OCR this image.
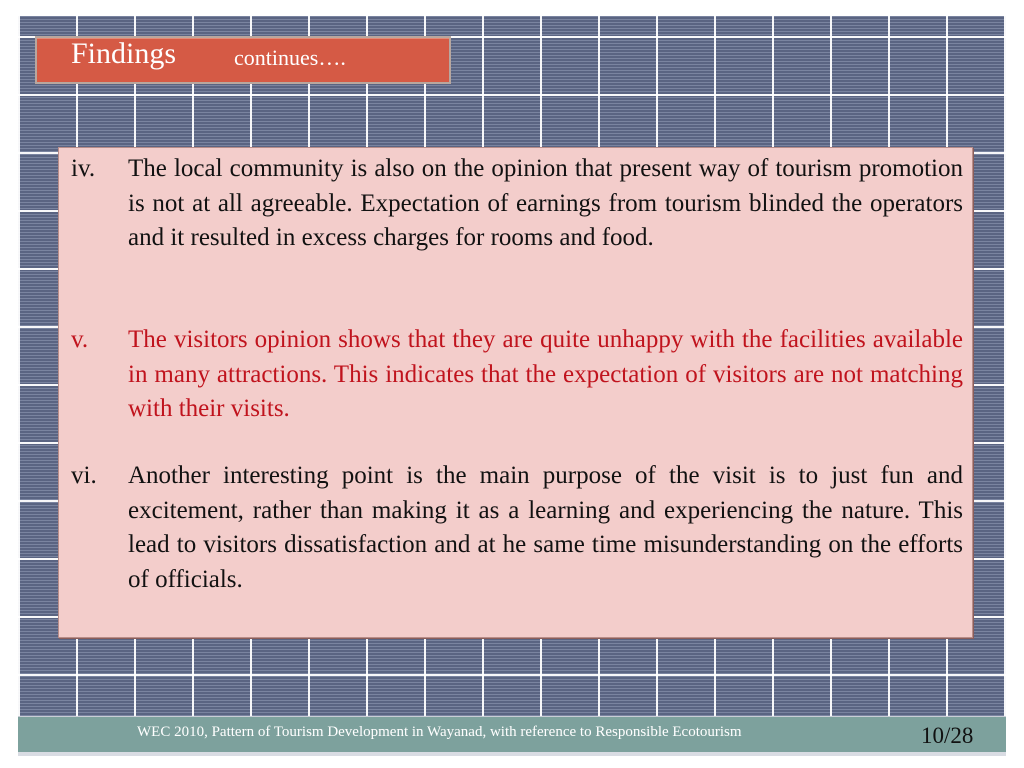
Findings	continues….
iv.	The local community is also on the opinion that present way of tourism promotion is not at all agreeable. Expectation of earnings from tourism blinded the operators and it resulted in excess charges for rooms and food.
v.	The visitors opinion shows that they are quite unhappy with the facilities available in many attractions. This indicates that the expectation of visitors are not matching with their visits.
vi.	Another interesting point is the main purpose of the visit is to just fun and excitement, rather than making it as a learning and experiencing the nature. This lead to visitors dissatisfaction and at he same time misunderstanding on the efforts of officials.
WEC 2010, Pattern of Tourism Development in Wayanad, with reference to Responsible Ecotourism	10/28
